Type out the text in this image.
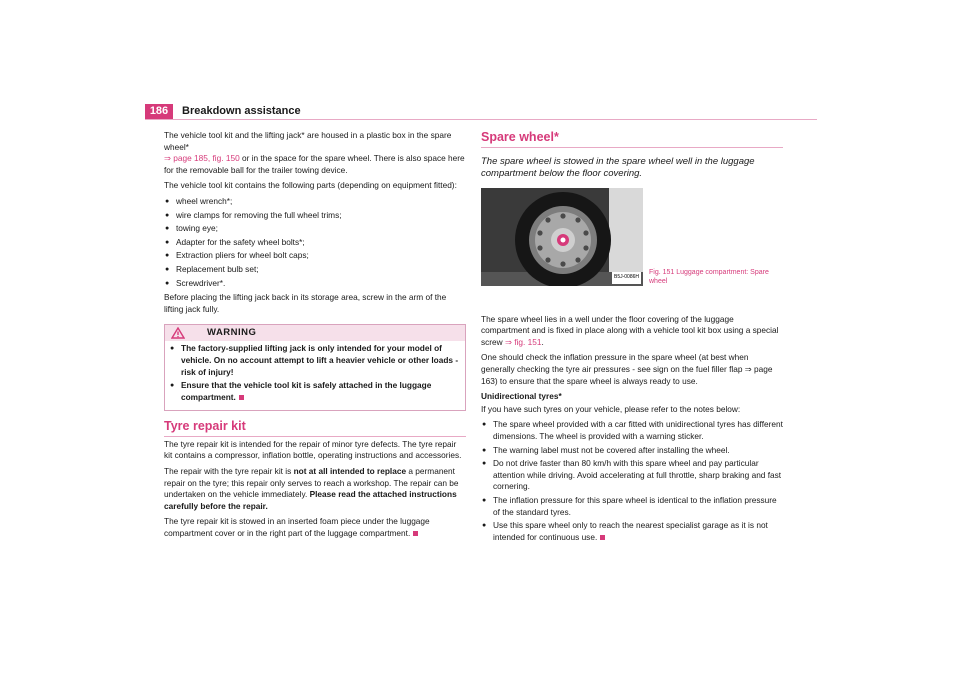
186	Breakdown assistance

The vehicle tool kit and the lifting jack* are housed in a plastic box in the spare wheel*
⇒ page 185, fig. 150 or in the space for the spare wheel. There is also space here for the removable ball for the trailer towing device.

The vehicle tool kit contains the following parts (depending on equipment fitted):

● wheel wrench*;
● wire clamps for removing the full wheel trims;
● towing eye;
● Adapter for the safety wheel bolts*;
● Extraction pliers for wheel bolt caps;
● Replacement bulb set;
● Screwdriver*.

Before placing the lifting jack back in its storage area, screw in the arm of the lifting jack fully.

WARNING
● The factory-supplied lifting jack is only intended for your model of vehicle. On no account attempt to lift a heavier vehicle or other loads - risk of injury!
● Ensure that the vehicle tool kit is safely attached in the luggage compartment.
Tyre repair kit

The tyre repair kit is intended for the repair of minor tyre defects. The tyre repair kit contains a compressor, inflation bottle, operating instructions and accessories.

The repair with the tyre repair kit is not at all intended to replace a permanent repair on the tyre; this repair only serves to reach a workshop. The repair can be undertaken on the vehicle immediately. Please read the attached instructions carefully before the repair.

The tyre repair kit is stowed in an inserted foam piece under the luggage compartment cover or in the right part of the luggage compartment.

Spare wheel*

The spare wheel is stowed in the spare wheel well in the luggage compartment below the floor covering.

B5J-0086H
Fig. 151 Luggage compartment: Spare wheel

The spare wheel lies in a well under the floor covering of the luggage compartment and is fixed in place along with a vehicle tool kit box using a special screw ⇒ fig. 151.

One should check the inflation pressure in the spare wheel (at best when generally checking the tyre air pressures - see sign on the fuel filler flap ⇒ page 163) to ensure that the spare wheel is always ready to use.

Unidirectional tyres*

If you have such tyres on your vehicle, please refer to the notes below:

● The spare wheel provided with a car fitted with unidirectional tyres has different dimensions. The wheel is provided with a warning sticker.
● The warning label must not be covered after installing the wheel.
● Do not drive faster than 80 km/h with this spare wheel and pay particular attention while driving. Avoid accelerating at full throttle, sharp braking and fast cornering.
● The inflation pressure for this spare wheel is identical to the inflation pressure of the standard tyres.
● Use this spare wheel only to reach the nearest specialist garage as it is not intended for continuous use.
